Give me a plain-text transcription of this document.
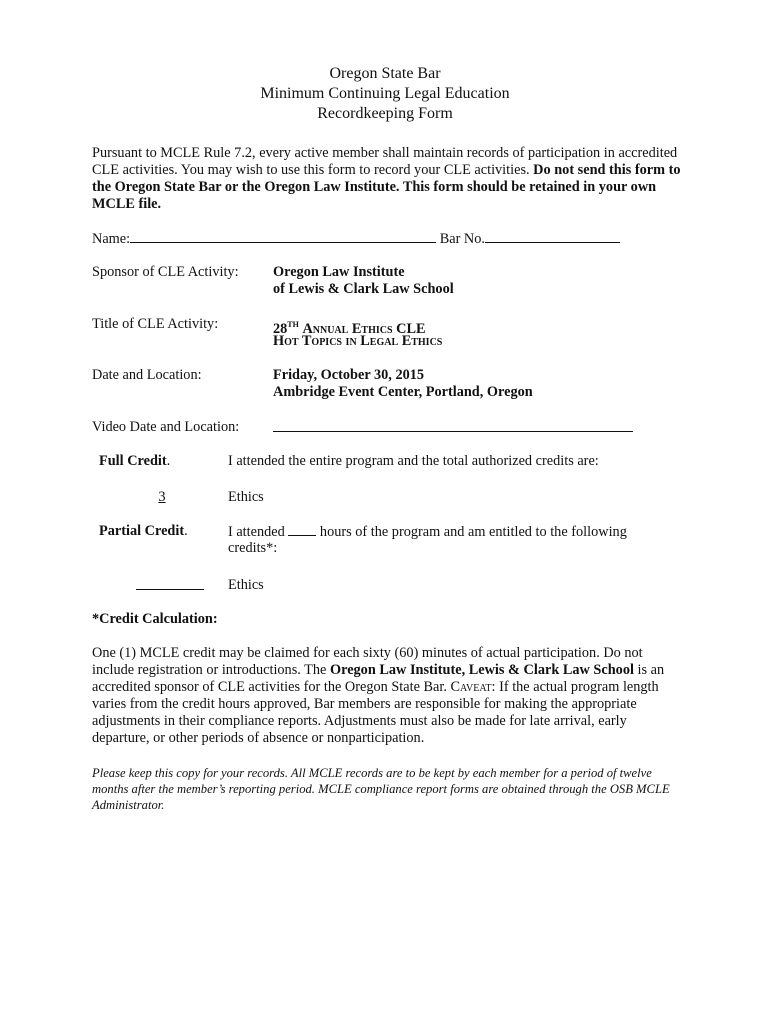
Oregon State Bar
Minimum Continuing Legal Education
Recordkeeping Form
Pursuant to MCLE Rule 7.2, every active member shall maintain records of participation in accredited CLE activities. You may wish to use this form to record your CLE activities. Do not send this form to the Oregon State Bar or the Oregon Law Institute. This form should be retained in your own MCLE file.
Name:	Bar No.
Sponsor of CLE Activity: Oregon Law Institute
of Lewis & Clark Law School
Title of CLE Activity:	28TH Annual Ethics CLE
Hot Topics in Legal Ethics
Date and Location:	Friday, October 30, 2015
Ambridge Event Center, Portland, Oregon
Video Date and Location:
Full Credit.	I attended the entire program and the total authorized credits are:
3	Ethics
Partial Credit.	I attended hours of the program and am entitled to the following
credits*:
Ethics
*Credit Calculation:
One (1) MCLE credit may be claimed for each sixty (60) minutes of actual participation. Do not include registration or introductions. The Oregon Law Institute, Lewis & Clark Law School is an accredited sponsor of CLE activities for the Oregon State Bar. Caveat: If the actual program length varies from the credit hours approved, Bar members are responsible for making the appropriate adjustments in their compliance reports. Adjustments must also be made for late arrival, early departure, or other periods of absence or nonparticipation.
Please keep this copy for your records. All MCLE records are to be kept by each member for a period of twelve months after the member’s reporting period. MCLE compliance report forms are obtained through the OSB MCLE Administrator.
